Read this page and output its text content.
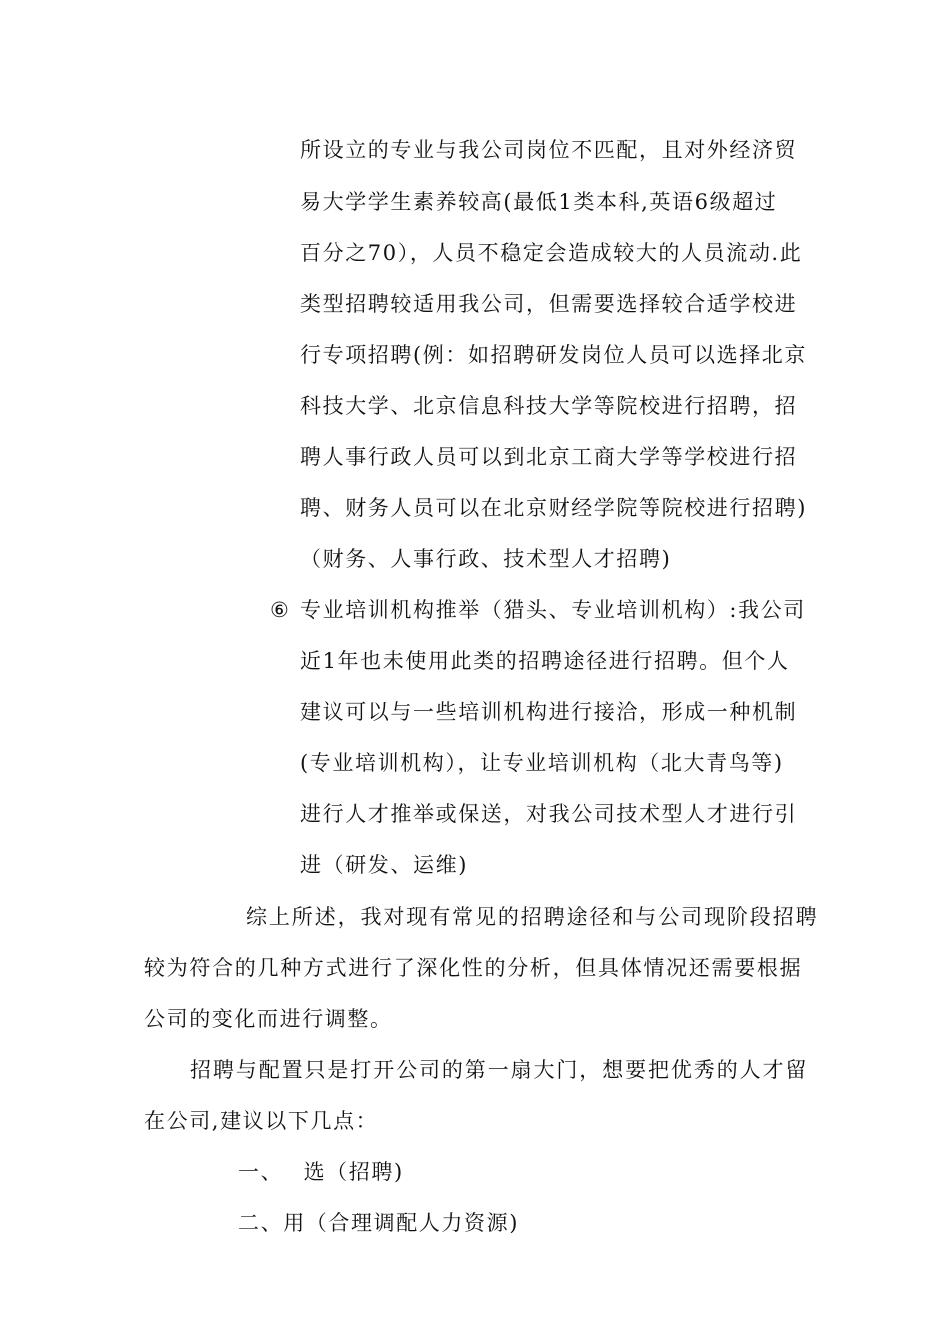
所设立的专业与我公司岗位不匹配，且对外经济贸
易大学学生素养较高(最低1类本科,英语6级超过
百分之70），人员不稳定会造成较大的人员流动.此
类型招聘较适用我公司，但需要选择较合适学校进
行专项招聘(例：如招聘研发岗位人员可以选择北京
科技大学、北京信息科技大学等院校进行招聘，招
聘人事行政人员可以到北京工商大学等学校进行招
聘、财务人员可以在北京财经学院等院校进行招聘)
（财务、人事行政、技术型人才招聘)
⑥ 专业培训机构推举（猎头、专业培训机构）:我公司
近1年也未使用此类的招聘途径进行招聘。但个人
建议可以与一些培训机构进行接洽，形成一种机制
(专业培训机构），让专业培训机构（北大青鸟等)
进行人才推举或保送，对我公司技术型人才进行引
进（研发、运维)
综上所述，我对现有常见的招聘途径和与公司现阶段招聘
较为符合的几种方式进行了深化性的分析，但具体情况还需要根据
公司的变化而进行调整。
招聘与配置只是打开公司的第一扇大门，想要把优秀的人才留
在公司,建议以下几点：
一、　 选（招聘)
二、用（合理调配人力资源)
